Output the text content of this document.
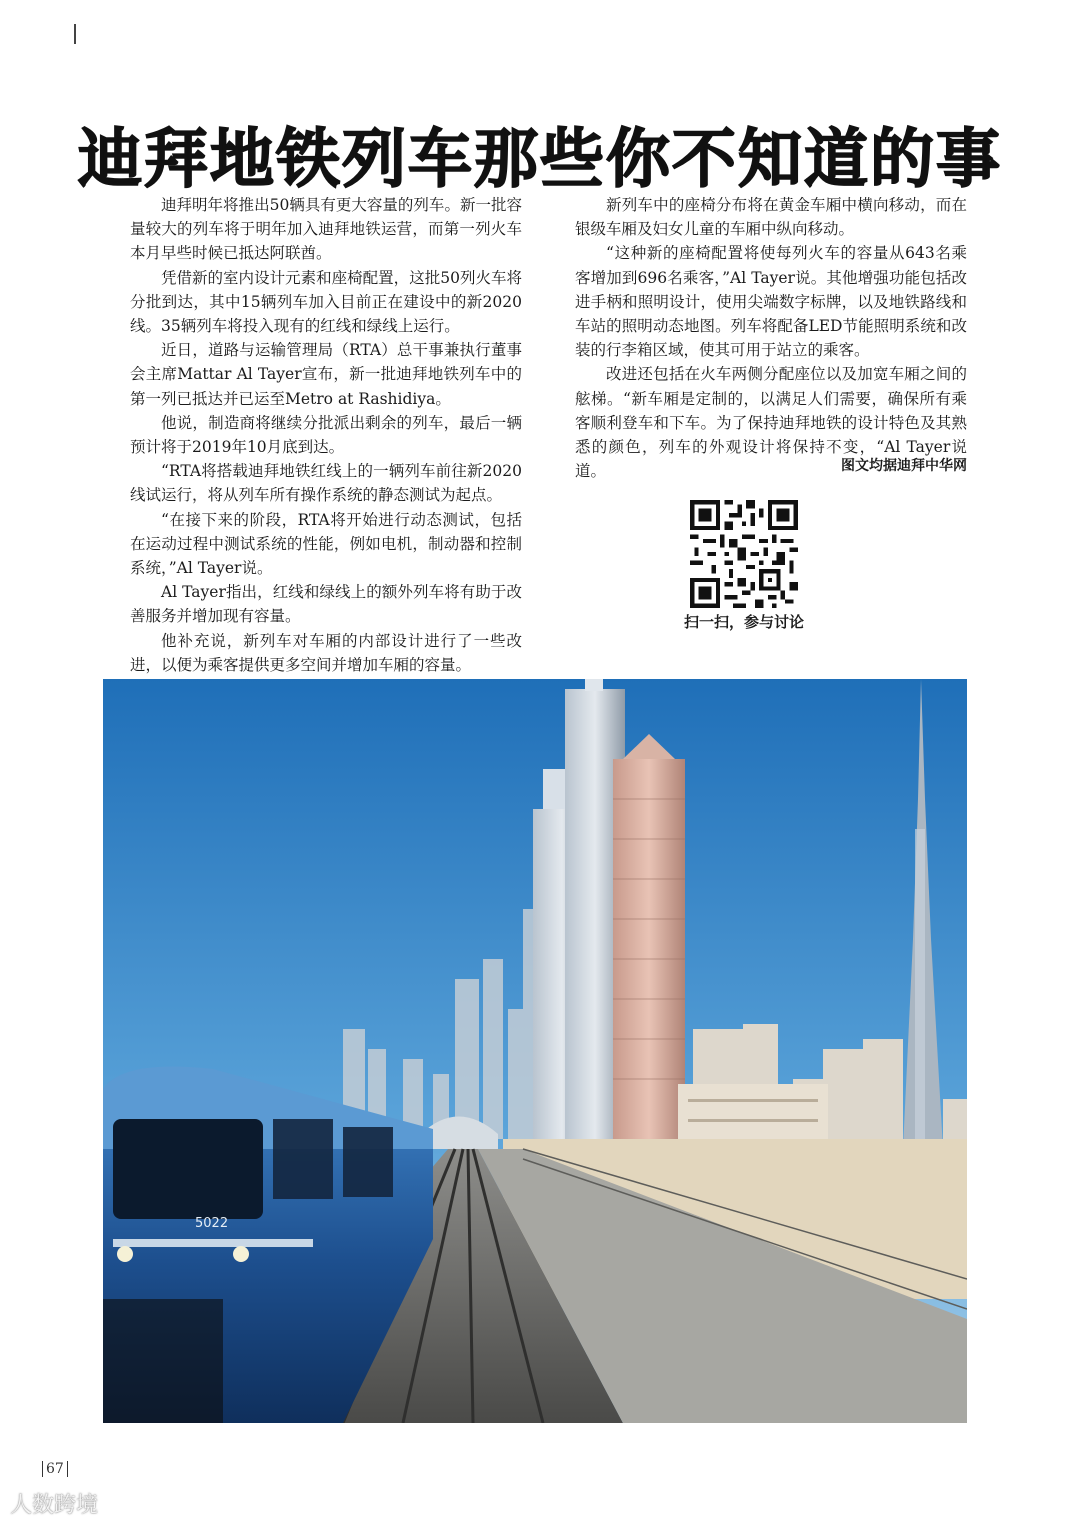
迪拜地铁列车那些你不知道的事

迪拜明年将推出50辆具有更大容量的列车。新一批容量较大的列车将于明年加入迪拜地铁运营，而第一列火车本月早些时候已抵达阿联酋。

凭借新的室内设计元素和座椅配置，这批50列火车将分批到达，其中15辆列车加入目前正在建设中的新2020线。35辆列车将投入现有的红线和绿线上运行。

近日，道路与运输管理局（RTA）总干事兼执行董事会主席Mattar Al Tayer宣布，新一批迪拜地铁列车中的第一列已抵达并已运至Metro at Rashidiya。

他说，制造商将继续分批派出剩余的列车，最后一辆预计将于2019年10月底到达。

“RTA将搭载迪拜地铁红线上的一辆列车前往新2020线试运行，将从列车所有操作系统的静态测试为起点。

“在接下来的阶段，RTA将开始进行动态测试，包括在运动过程中测试系统的性能，例如电机，制动器和控制系统，”Al Tayer说。

Al Tayer指出，红线和绿线上的额外列车将有助于改善服务并增加现有容量。

他补充说，新列车对车厢的内部设计进行了一些改进，以便为乘客提供更多空间并增加车厢的容量。

新列车中的座椅分布将在黄金车厢中横向移动，而在银级车厢及妇女儿童的车厢中纵向移动。

“这种新的座椅配置将使每列火车的容量从643名乘客增加到696名乘客，”Al Tayer说。其他增强功能包括改进手柄和照明设计，使用尖端数字标牌，以及地铁路线和车站的照明动态地图。列车将配备LED节能照明系统和改装的行李箱区域，使其可用于站立的乘客。

改进还包括在火车两侧分配座位以及加宽车厢之间的舷梯。“新车厢是定制的，以满足人们需要，确保所有乘客顺利登车和下车。为了保持迪拜地铁的设计特色及其熟悉的颜色，列车的外观设计将保持不变，“Al Tayer说道。	图文均据迪拜中华网
扫一扫，参与讨论
5022
67
人数跨境
